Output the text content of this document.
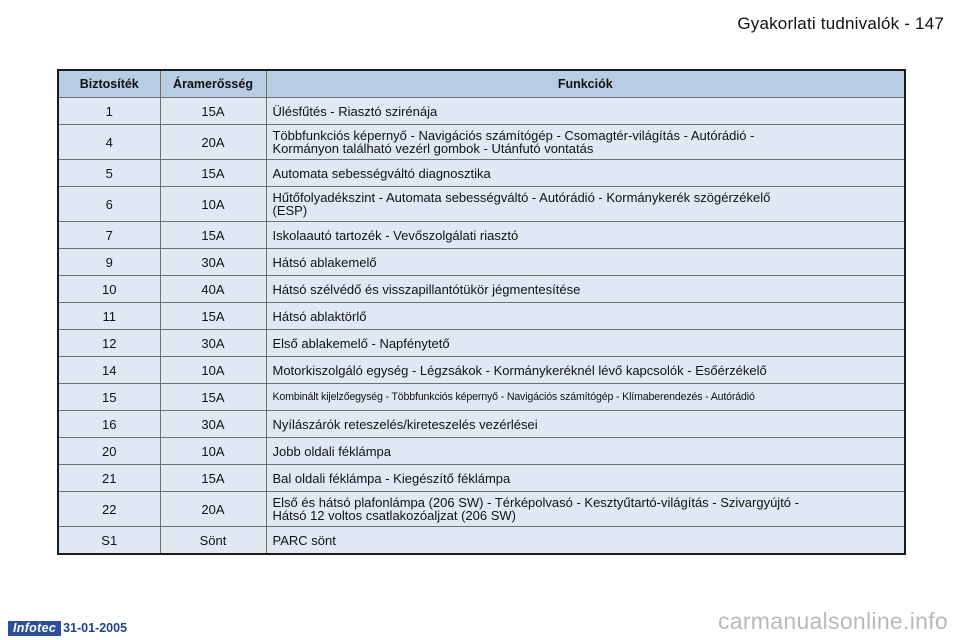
Gyakorlati tudnivalók - 147
Biztosíték	Áramerősség	Funkciók
1	15A	Ülésfűtés - Riasztó szirénája

4	20A	Többfunkciós képernyő - Navigációs számítógép - Csomagtér-világítás - Autórádió -
Kormányon található vezérl gombok - Utánfutó vontatás

5	15A	Automata sebességváltó diagnosztika

6	10A	Hűtőfolyadékszint - Automata sebességváltó - Autórádió - Kormánykerék szögérzékelő
(ESP)

7	15A	Iskolaautó tartozék - Vevőszolgálati riasztó

9	30A	Hátsó ablakemelő

10	40A	Hátsó szélvédő és visszapillantótükör jégmentesítése

11	15A	Hátsó ablaktörlő

12	30A	Első ablakemelő - Napfénytető

14	10A	Motorkiszolgáló egység - Légzsákok - Kormánykeréknél lévő kapcsolók - Esőérzékelő

15	15A	Kombinált kijelzőegység - Többfunkciós képernyő - Navigációs számítógép - Klímaberendezés - Autórádió

16	30A	Nyílászárók reteszelés/kireteszelés vezérlései

20	10A	Jobb oldali féklámpa

21	15A	Bal oldali féklámpa - Kiegészítő féklámpa

22	20A	Első és hátsó plafonlámpa (206 SW) - Térképolvasó - Kesztyűtartó-világítás - Szivargyújtó -
Hátsó 12 voltos csatlakozóaljzat (206 SW)

S1	Sönt	PARC sönt
Infotec 31-01-2005	carmanualsonline.info
